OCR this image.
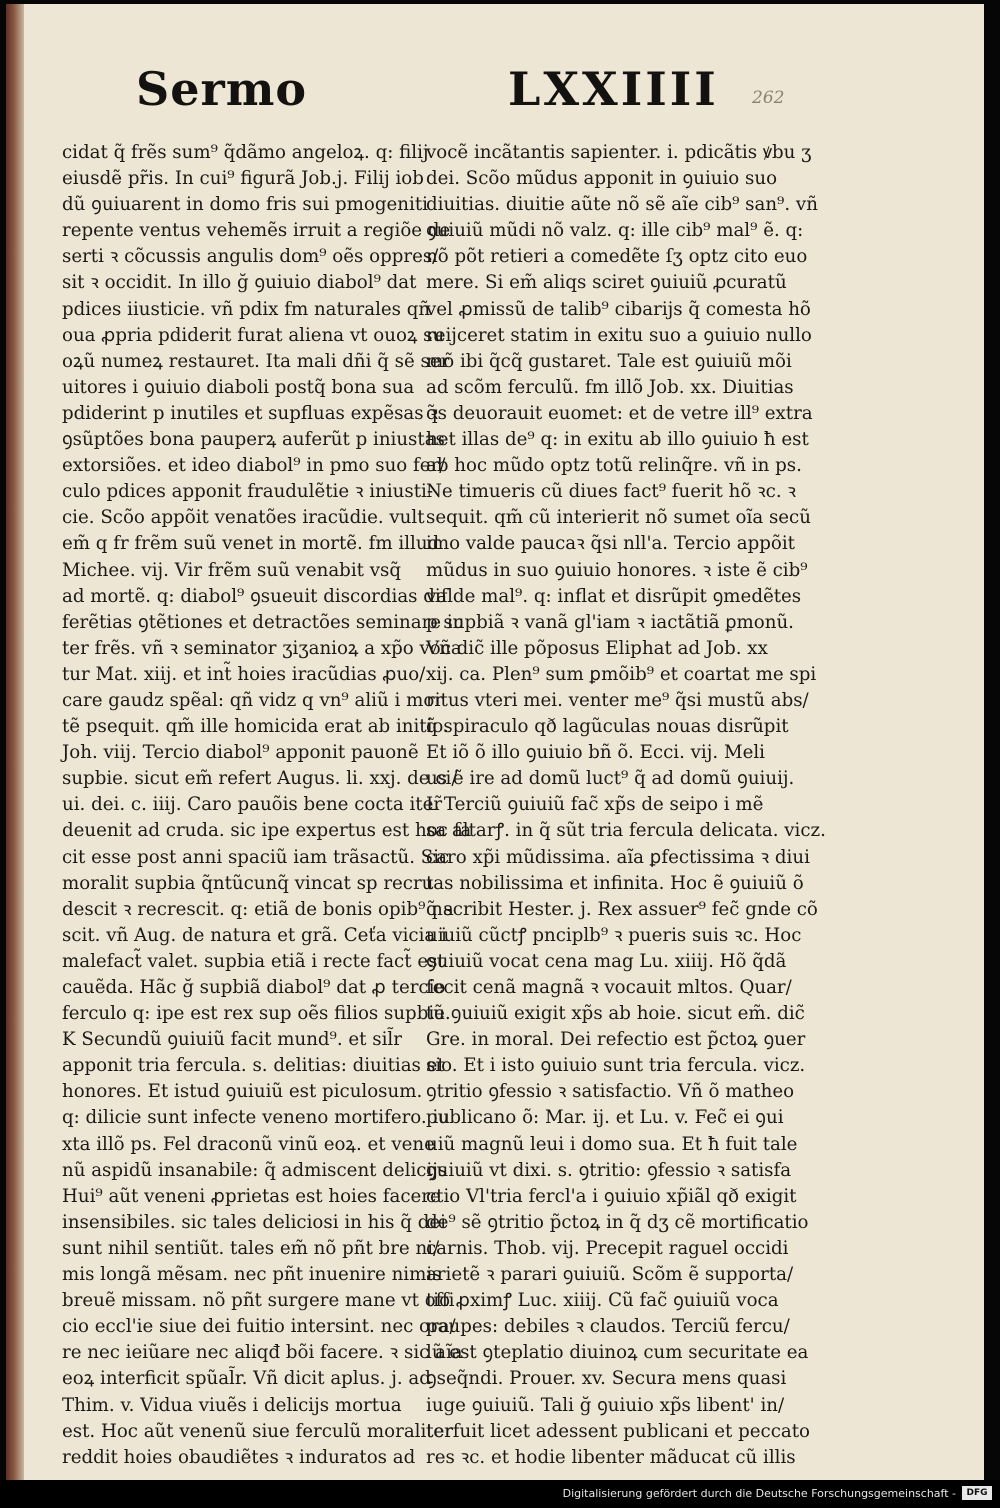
Sermo	LXXIIII 262
cidat q̃ frẽs sum⁹ q̃dãmo angeloꝝ. q: filij
eiusdẽ pr̃is. In cui⁹ figurã Job.j. Filij iob
dũ ꝯuiuarent in domo fris sui pmogeniti
repente ventus vehemẽs irruit a regiõe de
serti ꝛ cõcussis angulis dom⁹ oẽs oppres/
sit ꝛ occidit. In illo ğ ꝯuiuio diabol⁹ dat
pdices iiusticie. vñ pdix fm naturales qñ
oua ꝓpria pdiderit furat aliena vt ouoꝝ su
oꝝũ numeꝝ restauret. Ita mali dñi q̃ sẽ ser
uitores i ꝯuiuio diaboli postq̃ bona sua
pdiderint p inutiles et supfluas expẽsas ꝛ
ꝯsũptões bona pauperꝝ auferũt p iniustas
extorsiões. et ideo diabol⁹ in pmo suo fer/
culo pdices apponit fraudulẽtie ꝛ iniusti-
cie. Scõo appõit venatões iracũdie. vult
em̃ q fr frẽm suũ venet in mortẽ. fm illud
Michee. vij. Vir frẽm suũ venabit vsq̃
ad mortẽ. q: diabol⁹ ꝯsueuit discordias dif
ferẽtias ꝯtẽtiones et detractões seminare in
ter frẽs. vñ ꝛ seminator ʒiʒanioꝝ a xp̃o voca
tur Mat. xiij. et int̃ hoies iracũdias ꝓuo/
care gaudz spẽal: qñ vidz q vn⁹ aliũ i mor
tẽ psequit. qm̃ ille homicida erat ab initio.
Joh. viij. Tercio diabol⁹ apponit pauonẽ
supbie. sicut em̃ refert Augus. li. xxj. de ci/
ui. dei. c. iiij. Caro pauõis bene cocta iter̃
deuenit ad cruda. sic ipe expertus est hoc fa
cit esse post anni spaciũ iam trãsactũ. Sic
moralit supbia q̃ntũcunq̃ vincat sp recru
descit ꝛ recrescit. q: etiã de bonis opib⁹ na
scit. vñ Aug. de natura et grã. Ceťa vicia i
malefact̃ valet. supbia etiã i recte fact̃ est
cauẽda. Hãc ğ supbiã diabol⁹ dat ꝓ tercio
ferculo q: ipe est rex sup oẽs filios supbie.
K Secundũ ꝯuiuiũ facit mund⁹. et sil̃r
apponit tria fercula. s. delitias: diuitias et
honores. Et istud ꝯuiuiũ est piculosum.
q: dilicie sunt infecte veneno mortifero. iu
xta illõ ps. Fel draconũ vinũ eoꝝ. et vene
nũ aspidũ insanabile: q̃ admiscent delicijs
Hui⁹ aũt veneni ꝓprietas est hoies facere
insensibiles. sic tales deliciosi in his q̃ dei
sunt nihil sentiũt. tales em̃ nõ pñt bre ni/
mis longã mẽsam. nec pñt inuenire nimis
breuẽ missam. nõ pñt surgere mane vt offi
cio eccl'ie siue dei fuitio intersint. nec ora/
re nec ieiũare nec aliqđ bõi facere. ꝛ sic aĩa
eoꝝ interficit spũal̃r. Vñ dicit aplus. j. ad
Thim. v. Vidua viuẽs i delicijs mortua
est. Hoc aũt venenũ siue ferculũ moraliter
reddit hoies obaudiẽtes ꝛ induratos ad
vocẽ incãtantis sapienter. i. pdicãtis ꝟbu ʒ
dei. Scõo mũdus apponit in ꝯuiuio suo
diuitias. diuitie aũte nõ sẽ aĩe cib⁹ san⁹. vñ
ꝯuiuiũ mũdi nõ valz. q: ille cib⁹ mal⁹ ẽ. q:
nõ põt retieri a comedẽte ſʒ optz cito euo
mere. Si em̃ aliqs sciret ꝯuiuiũ ꝓcuratũ
vel ꝓmissũ de talib⁹ cibarijs q̃ comesta hõ
reijceret statim in exitu suo a ꝯuiuio nullo
mõ ibi q̃cq̃ gustaret. Tale est ꝯuiuiũ mõi
ad scõm ferculũ. fm illõ Job. xx. Diuitias
q̃s deuorauit euomet: et de vetre ill⁹ extra
het illas de⁹ q: in exitu ab illo ꝯuiuio ħ est
ab hoc mũdo optz totũ relinq̃re. vñ in ps.
Ne timueris cũ diues fact⁹ fuerit hõ ꝛc. ꝛ
sequit. qm̃ cũ interierit nõ sumet oĩa secũ
imo valde paucaꝛ q̃si nll'a. Tercio appõit
mũdus in suo ꝯuiuio honores. ꝛ iste ẽ cib⁹
valde mal⁹. q: inflat et disrũpit ꝯmedẽtes
p supbiã ꝛ vanã gl'iam ꝛ iactãtiã ꝑmonũ.
Vñ dic̃ ille põposus Eliphat ad Job. xx
xij. ca. Plen⁹ sum ꝑmõib⁹ et coartat me spi
ritus vteri mei. venter me⁹ q̃si mustũ abs/
q̃ spiraculo qð lagũculas nouas disrũpit
Et iõ õ illo ꝯuiuio bñ õ. Ecci. vij. Meli
us ẽ ire ad domũ luct⁹ q̃ ad domũ ꝯuiuij.
L Terciũ ꝯuiuiũ fac̃ xp̃s de seipo i mẽ
sa altarꝭ. in q̃ sũt tria fercula delicata. vicz.
caro xp̃i mũdissima. aĩa ꝑfectissima ꝛ diui
tas nobilissima et infinita. Hoc ẽ ꝯuiuiũ õ
q̃ scribit Hester. j. Rex assuer⁹ fec̃ gnde cõ
uiuiũ cũctꝭ pnciplb⁹ ꝛ pueris suis ꝛc. Hoc
ꝯuiuiũ vocat cena mag Lu. xiiij. Hõ q̃dã
fecit cenã magnã ꝛ vocauit mltos. Quar/
tũ ꝯuiuiũ exigit xp̃s ab hoie. sicut em̃. dic̃
Gre. in moral. Dei refectio est p̃ctoꝝ ꝯuer
sio. Et i isto ꝯuiuio sunt tria fercula. vicz.
ꝯtritio ꝯfessio ꝛ satisfactio. Vñ õ matheo
publicano õ: Mar. ij. et Lu. v. Fec̃ ei ꝯui
uiũ magnũ leui i domo sua. Et ħ fuit tale
ꝯuiuiũ vt dixi. s. ꝯtritio: ꝯfessio ꝛ satisfa
ctio Vl'tria fercl'a i ꝯuiuio xp̃iãl qð exigit
de⁹ sẽ ꝯtritio p̃ctoꝝ in q̃ dʒ cẽ mortificatio
carnis. Thob. vij. Precepit raguel occidi
arietẽ ꝛ parari ꝯuiuiũ. Scõm ẽ supporta/
tio ꝓximꝭ Luc. xiiij. Cũ fac̃ ꝯuiuiũ voca
paupes: debiles ꝛ claudos. Terciũ fercu/
lũ est ꝯteplatio diuinoꝝ cum securitate ea
ꝯseq̃ndi. Prouer. xv. Secura mens quasi
iuge ꝯuiuiũ. Tali ğ ꝯuiuio xp̃s libent' in/
terfuit licet adessent publicani et peccato
res ꝛc. et hodie libenter mãducat cũ illis
Digitalisierung gefördert durch die Deutsche Forschungsgemeinschaft -	DFG
